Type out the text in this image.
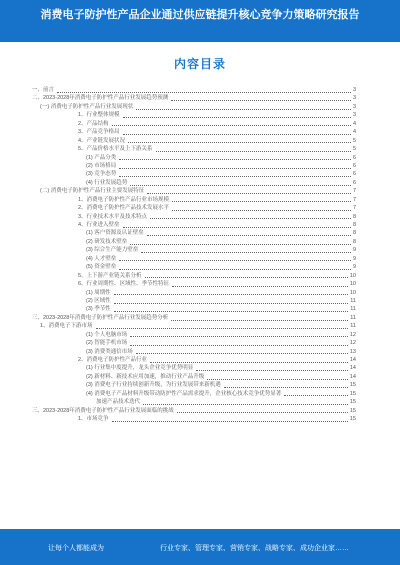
消费电子防护性产品企业通过供应链提升核心竞争力策略研究报告
内容目录
一、前言	3
二、2023-2028年消费电子防护性产品行业发展趋势预测	3
(一) 消费电子防护性产品行业发展现状	3
1、行业整体规模	3
2、产品结构	4
3、产品竞争格局	4
4、产业链发展状况	5
5、产品价格水平及上下游关系	5
(1) 产品分类	6
(2) 市场格局	6
(3) 竞争态势	6
(4) 行业发展趋势	6
(二) 消费电子防护性产品行业主要发展特征	7
1、消费电子防护性产品行业市场规模	7
2、消费电子防护性产品技术发展水平	7
3、行业技术水平及技术特点	8
4、行业进入壁垒	8
(1) 客户资源及认证壁垒	8
(2) 研发技术壁垒	8
(3) 综合生产能力壁垒	9
(4) 人才壁垒	9
(5) 资金壁垒	9
5、上下游产业链关系分析	10
6、行业周期性、区域性、季节性特征	10
(1) 周期性	10
(2) 区域性	11
(3) 季节性	11
三、2023-2028年消费电子防护性产品行业发展趋势分析	11
1、消费电子下游市场	11
(1) 个人电脑市场	12
(2) 智能手机市场	12
(3) 消费类通信市场	13
2、消费电子防护性产品行业	14
(1) 行业集中度提升，龙头企业竞争优势明显	14
(2) 新材料、新技术应用加速，推动行业产品升级	14
(3) 消费电子行业持续创新升级，为行业发展带来新机遇	15
(4) 消费电子产品材料升级带动防护性产品需求提升，企业核心技术竞争优势显著	15
加速产品技术迭代	15
三、2023-2028年消费电子防护性产品行业发展面临的挑战	15
1、市场竞争	15
让每个人都能成为	行业专家、管理专家、营销专家、战略专家、成功企业家……
